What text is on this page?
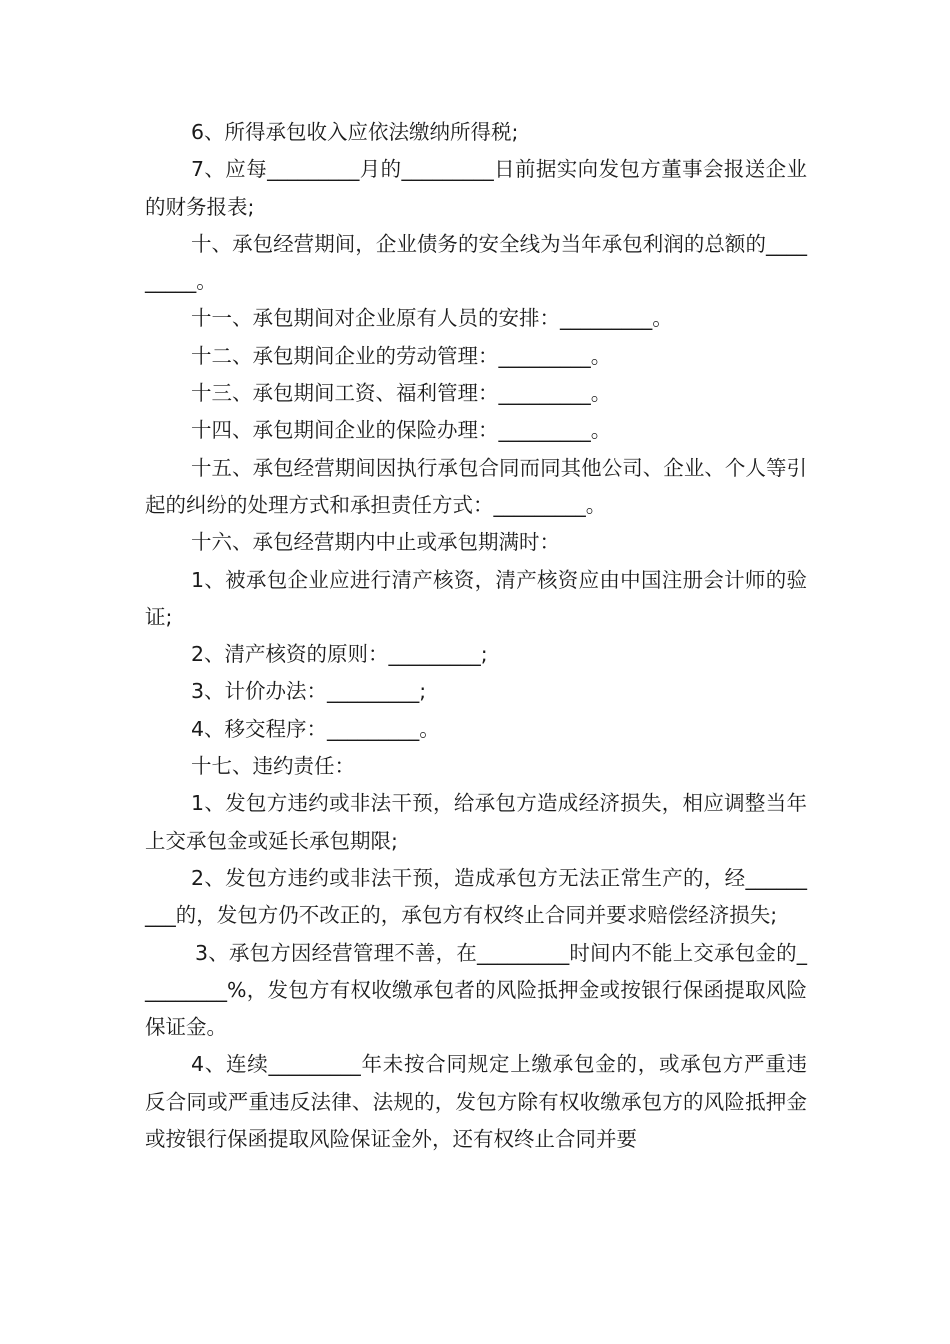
6、所得承包收入应依法缴纳所得税;

7、应每_________月的_________日前据实向发包方董事会报送企业的财务报表;

十、承包经营期间，企业债务的安全线为当年承包利润的总额的_________。

十一、承包期间对企业原有人员的安排：_________。

十二、承包期间企业的劳动管理：_________。

十三、承包期间工资、福利管理：_________。

十四、承包期间企业的保险办理：_________。

十五、承包经营期间因执行承包合同而同其他公司、企业、个人等引起的纠纷的处理方式和承担责任方式：_________。

十六、承包经营期内中止或承包期满时：

1、被承包企业应进行清产核资，清产核资应由中国注册会计师的验证;

2、清产核资的原则：_________;

3、计价办法：_________;

4、移交程序：_________。

十七、违约责任：

1、发包方违约或非法干预，给承包方造成经济损失，相应调整当年上交承包金或延长承包期限;

2、发包方违约或非法干预，造成承包方无法正常生产的，经_________的，发包方仍不改正的，承包方有权终止合同并要求赔偿经济损失;

3、承包方因经营管理不善，在_________时间内不能上交承包金的_________%，发包方有权收缴承包者的风险抵押金或按银行保函提取风险保证金。

4、连续_________年未按合同规定上缴承包金的，或承包方严重违反合同或严重违反法律、法规的，发包方除有权收缴承包方的风险抵押金或按银行保函提取风险保证金外，还有权终止合同并要
